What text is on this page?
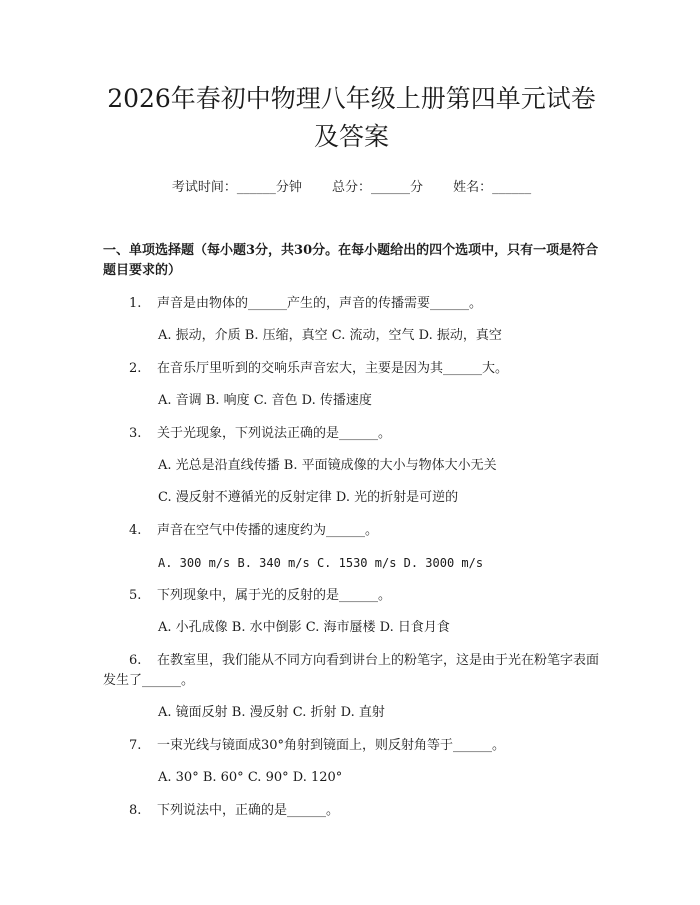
2026年春初中物理八年级上册第四单元试卷
及答案
考试时间：______分钟 总分：______分 姓名：______
一、单项选择题（每小题3分，共30分。在每小题给出的四个选项中，只有一项是符合题目要求的）
1. 声音是由物体的______产生的，声音的传播需要______。
A. 振动，介质 B. 压缩，真空 C. 流动，空气 D. 振动，真空
2. 在音乐厅里听到的交响乐声音宏大，主要是因为其______大。
A. 音调 B. 响度 C. 音色 D. 传播速度
3. 关于光现象，下列说法正确的是______。
A. 光总是沿直线传播 B. 平面镜成像的大小与物体大小无关
C. 漫反射不遵循光的反射定律 D. 光的折射是可逆的
4. 声音在空气中传播的速度约为______。
A. 300 m/s B. 340 m/s C. 1530 m/s D. 3000 m/s
5. 下列现象中，属于光的反射的是______。
A. 小孔成像 B. 水中倒影 C. 海市蜃楼 D. 日食月食
6. 在教室里，我们能从不同方向看到讲台上的粉笔字，这是由于光在粉笔字表面发生了______。
A. 镜面反射 B. 漫反射 C. 折射 D. 直射
7. 一束光线与镜面成30°角射到镜面上，则反射角等于______。
A. 30° B. 60° C. 90° D. 120°
8. 下列说法中，正确的是______。
